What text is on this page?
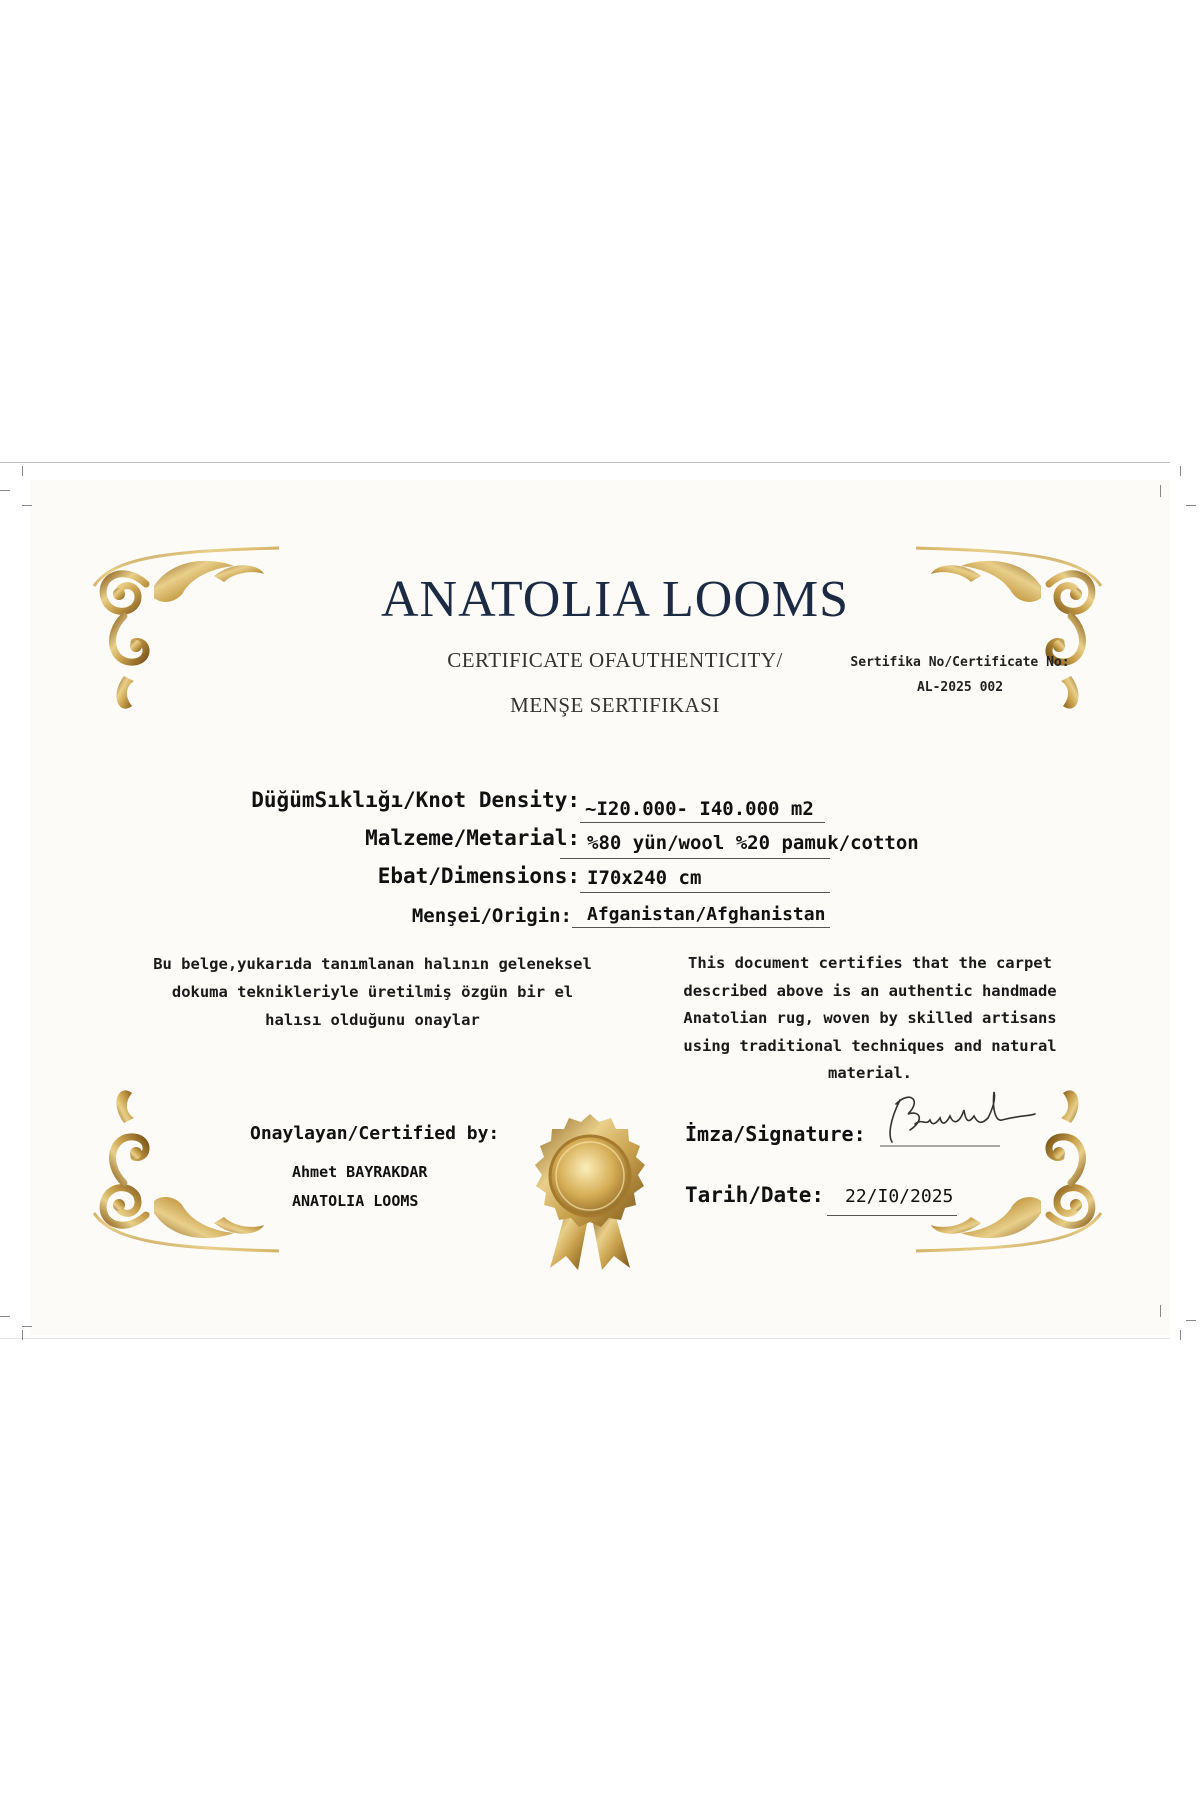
ANATOLIA LOOMS
CERTIFICATE OFAUTHENTICITY/
MENŞE SERTIFIKASI
Sertifika No/Certificate No:
AL-2025 002
DüğümSıklığı/Knot Density: ~I20.000- I40.000 m2
Malzeme/Metarial: %80 yün/wool %20 pamuk/cotton
Ebat/Dimensions: I70x240 cm
Menşei/Origin: Afganistan/Afghanistan
Bu belge,yukarıda tanımlanan halının geleneksel
dokuma teknikleriyle üretilmiş özgün bir el
halısı olduğunu onaylar
This document certifies that the carpet
described above is an authentic handmade
Anatolian rug, woven by skilled artisans
using traditional techniques and natural
material.
Onaylayan/Certified by:
Ahmet BAYRAKDAR
ANATOLIA LOOMS
İmza/Signature:
Tarih/Date: 22/I0/2025
